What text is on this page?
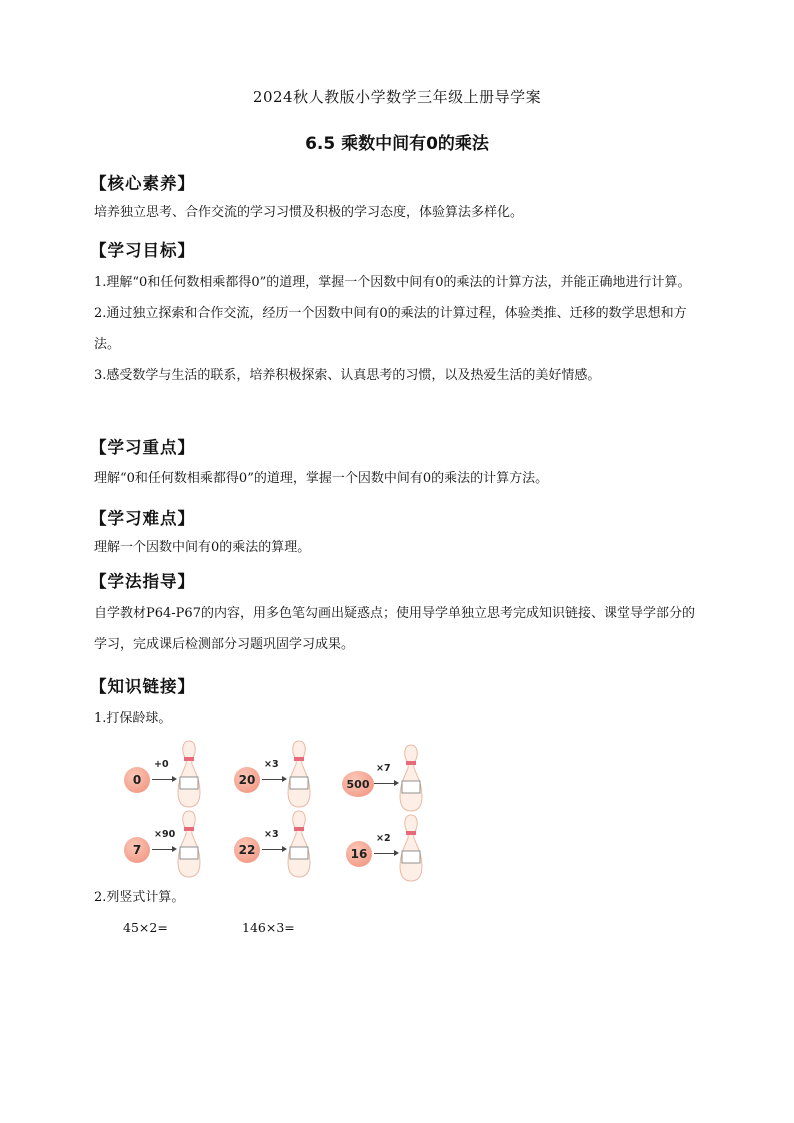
2024秋人教版小学数学三年级上册导学案
6.5 乘数中间有0的乘法
【核心素养】
培养独立思考、合作交流的学习习惯及积极的学习态度，体验算法多样化。
【学习目标】

1.理解“0和任何数相乘都得0”的道理，掌握一个因数中间有0的乘法的计算方法，并能正确地进行计算。

2.通过独立探索和合作交流，经历一个因数中间有0的乘法的计算过程，体验类推、迁移的数学思想和方法。

3.感受数学与生活的联系，培养积极探索、认真思考的习惯，以及热爱生活的美好情感。

【学习重点】
理解“0和任何数相乘都得0”的道理，掌握一个因数中间有0的乘法的计算方法。
【学习难点】
理解一个因数中间有0的乘法的算理。
【学法指导】
自学教材P64-P67的内容，用多色笔勾画出疑惑点；使用导学单独立思考完成知识链接、课堂导学部分的学习，完成课后检测部分习题巩固学习成果。
【知识链接】
1.打保龄球。
0
+0
20
×3
500
×7
7
×90
22
×3
16
×2
2.列竖式计算。
45×2=	146×3=
